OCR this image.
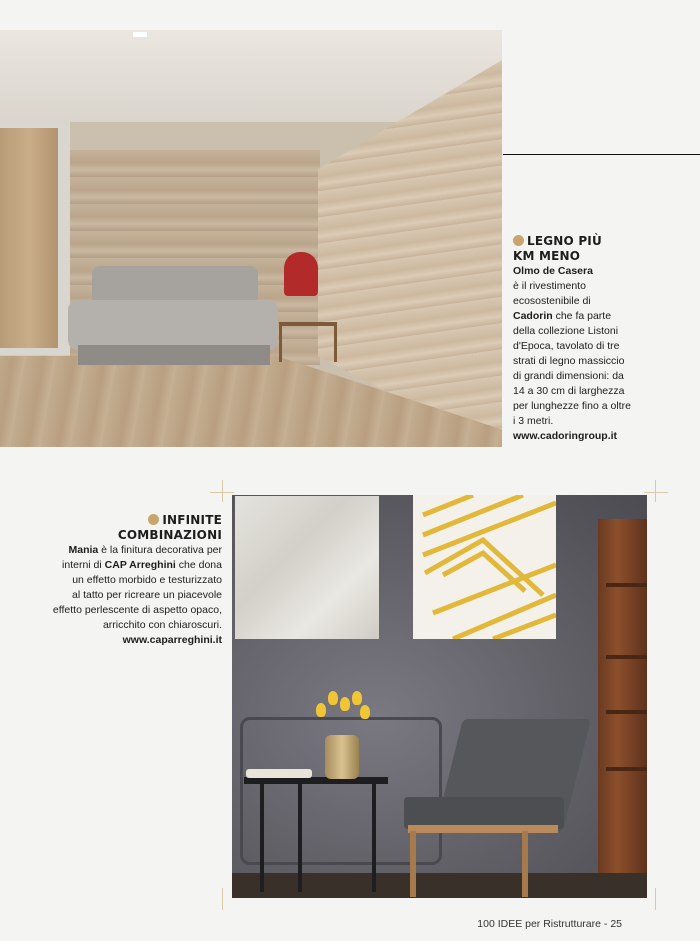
LEGNO PIÙ
KM MENO
Olmo de Casera
è il rivestimento
ecosostenibile di
Cadorin che fa parte
della collezione Listoni
d'Epoca, tavolato di tre
strati di legno massiccio
di grandi dimensioni: da
14 a 30 cm di larghezza
per lunghezze fino a oltre
i 3 metri.
www.cadoringroup.it
INFINITE COMBINAZIONI
Mania è la finitura decorativa per
interni di CAP Arreghini che dona
un effetto morbido e testurizzato
al tatto per ricreare un piacevole
effetto perlescente di aspetto opaco,
arricchito con chiaroscuri.
www.caparreghini.it
100 IDEE per Ristrutturare - 25
